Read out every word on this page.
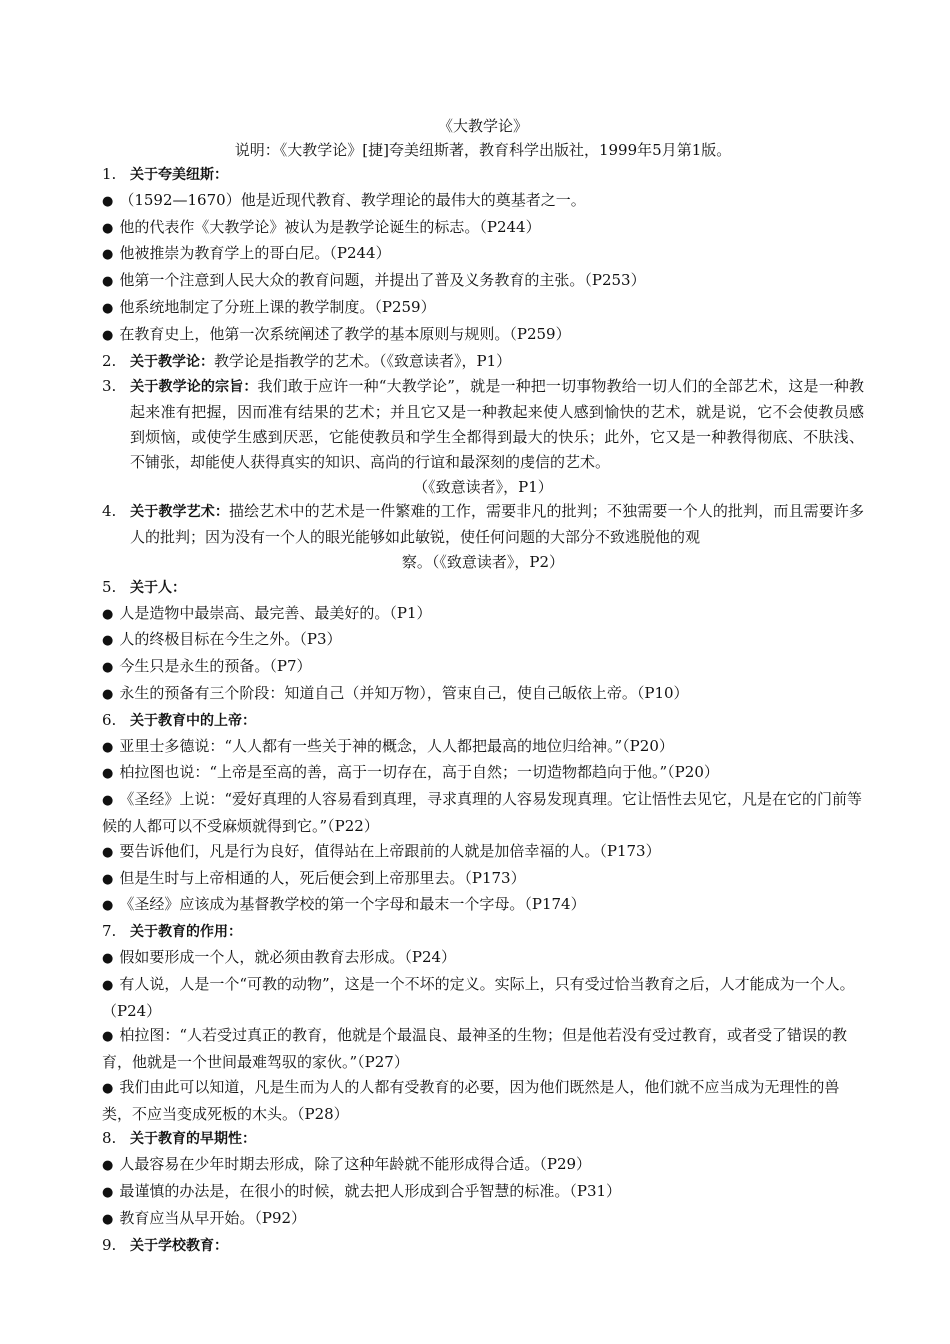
《大教学论》
说明：《大教学论》[捷]夸美纽斯著，教育科学出版社，1999年5月第1版。
1. 关于夸美纽斯：
● （1592—1670）他是近现代教育、教学理论的最伟大的奠基者之一。
● 他的代表作《大教学论》被认为是教学论诞生的标志。（P244）
● 他被推崇为教育学上的哥白尼。（P244）
● 他第一个注意到人民大众的教育问题，并提出了普及义务教育的主张。（P253）
● 他系统地制定了分班上课的教学制度。（P259）
● 在教育史上，他第一次系统阐述了教学的基本原则与规则。（P259）
2. 关于教学论：教学论是指教学的艺术。（《致意读者》，P1）
3. 关于教学论的宗旨：我们敢于应许一种“大教学论”，就是一种把一切事物教给一切人们的全部艺术，这是一种教起来准有把握，因而准有结果的艺术；并且它又是一种教起来使人感到愉快的艺术，就是说，它不会使教员感到烦恼，或使学生感到厌恶，它能使教员和学生全都得到最大的快乐；此外，它又是一种教得彻底、不肤浅、不铺张，却能使人获得真实的知识、高尚的行谊和最深刻的虔信的艺术。
（《致意读者》，P1）
4. 关于教学艺术：描绘艺术中的艺术是一件繁难的工作，需要非凡的批判；不独需要一个人的批判，而且需要许多人的批判；因为没有一个人的眼光能够如此敏锐，使任何问题的大部分不致逃脱他的观
察。（《致意读者》，P2）
5. 关于人：
● 人是造物中最崇高、最完善、最美好的。（P1）
● 人的终极目标在今生之外。（P3）
● 今生只是永生的预备。（P7）
● 永生的预备有三个阶段：知道自己（并知万物），管束自己，使自己皈依上帝。（P10）
6. 关于教育中的上帝：
● 亚里士多德说：“人人都有一些关于神的概念，人人都把最高的地位归给神。”（P20）
● 柏拉图也说：“上帝是至高的善，高于一切存在，高于自然；一切造物都趋向于他。”（P20）
● 《圣经》上说：“爱好真理的人容易看到真理，寻求真理的人容易发现真理。它让悟性去见它，凡是在它的门前等候的人都可以不受麻烦就得到它。”（P22）
● 要告诉他们，凡是行为良好，值得站在上帝跟前的人就是加倍幸福的人。（P173）
● 但是生时与上帝相通的人，死后便会到上帝那里去。（P173）
● 《圣经》应该成为基督教学校的第一个字母和最末一个字母。（P174）
7. 关于教育的作用：
● 假如要形成一个人，就必须由教育去形成。（P24）
● 有人说，人是一个“可教的动物”，这是一个不坏的定义。实际上，只有受过恰当教育之后，人才能成为一个人。（P24）
● 柏拉图：“人若受过真正的教育，他就是个最温良、最神圣的生物；但是他若没有受过教育，或者受了错误的教育，他就是一个世间最难驾驭的家伙。”（P27）
● 我们由此可以知道，凡是生而为人的人都有受教育的必要，因为他们既然是人，他们就不应当成为无理性的兽类，不应当变成死板的木头。（P28）
8. 关于教育的早期性：
● 人最容易在少年时期去形成，除了这种年龄就不能形成得合适。（P29）
● 最谨慎的办法是，在很小的时候，就去把人形成到合乎智慧的标准。（P31）
● 教育应当从早开始。（P92）
9. 关于学校教育：
